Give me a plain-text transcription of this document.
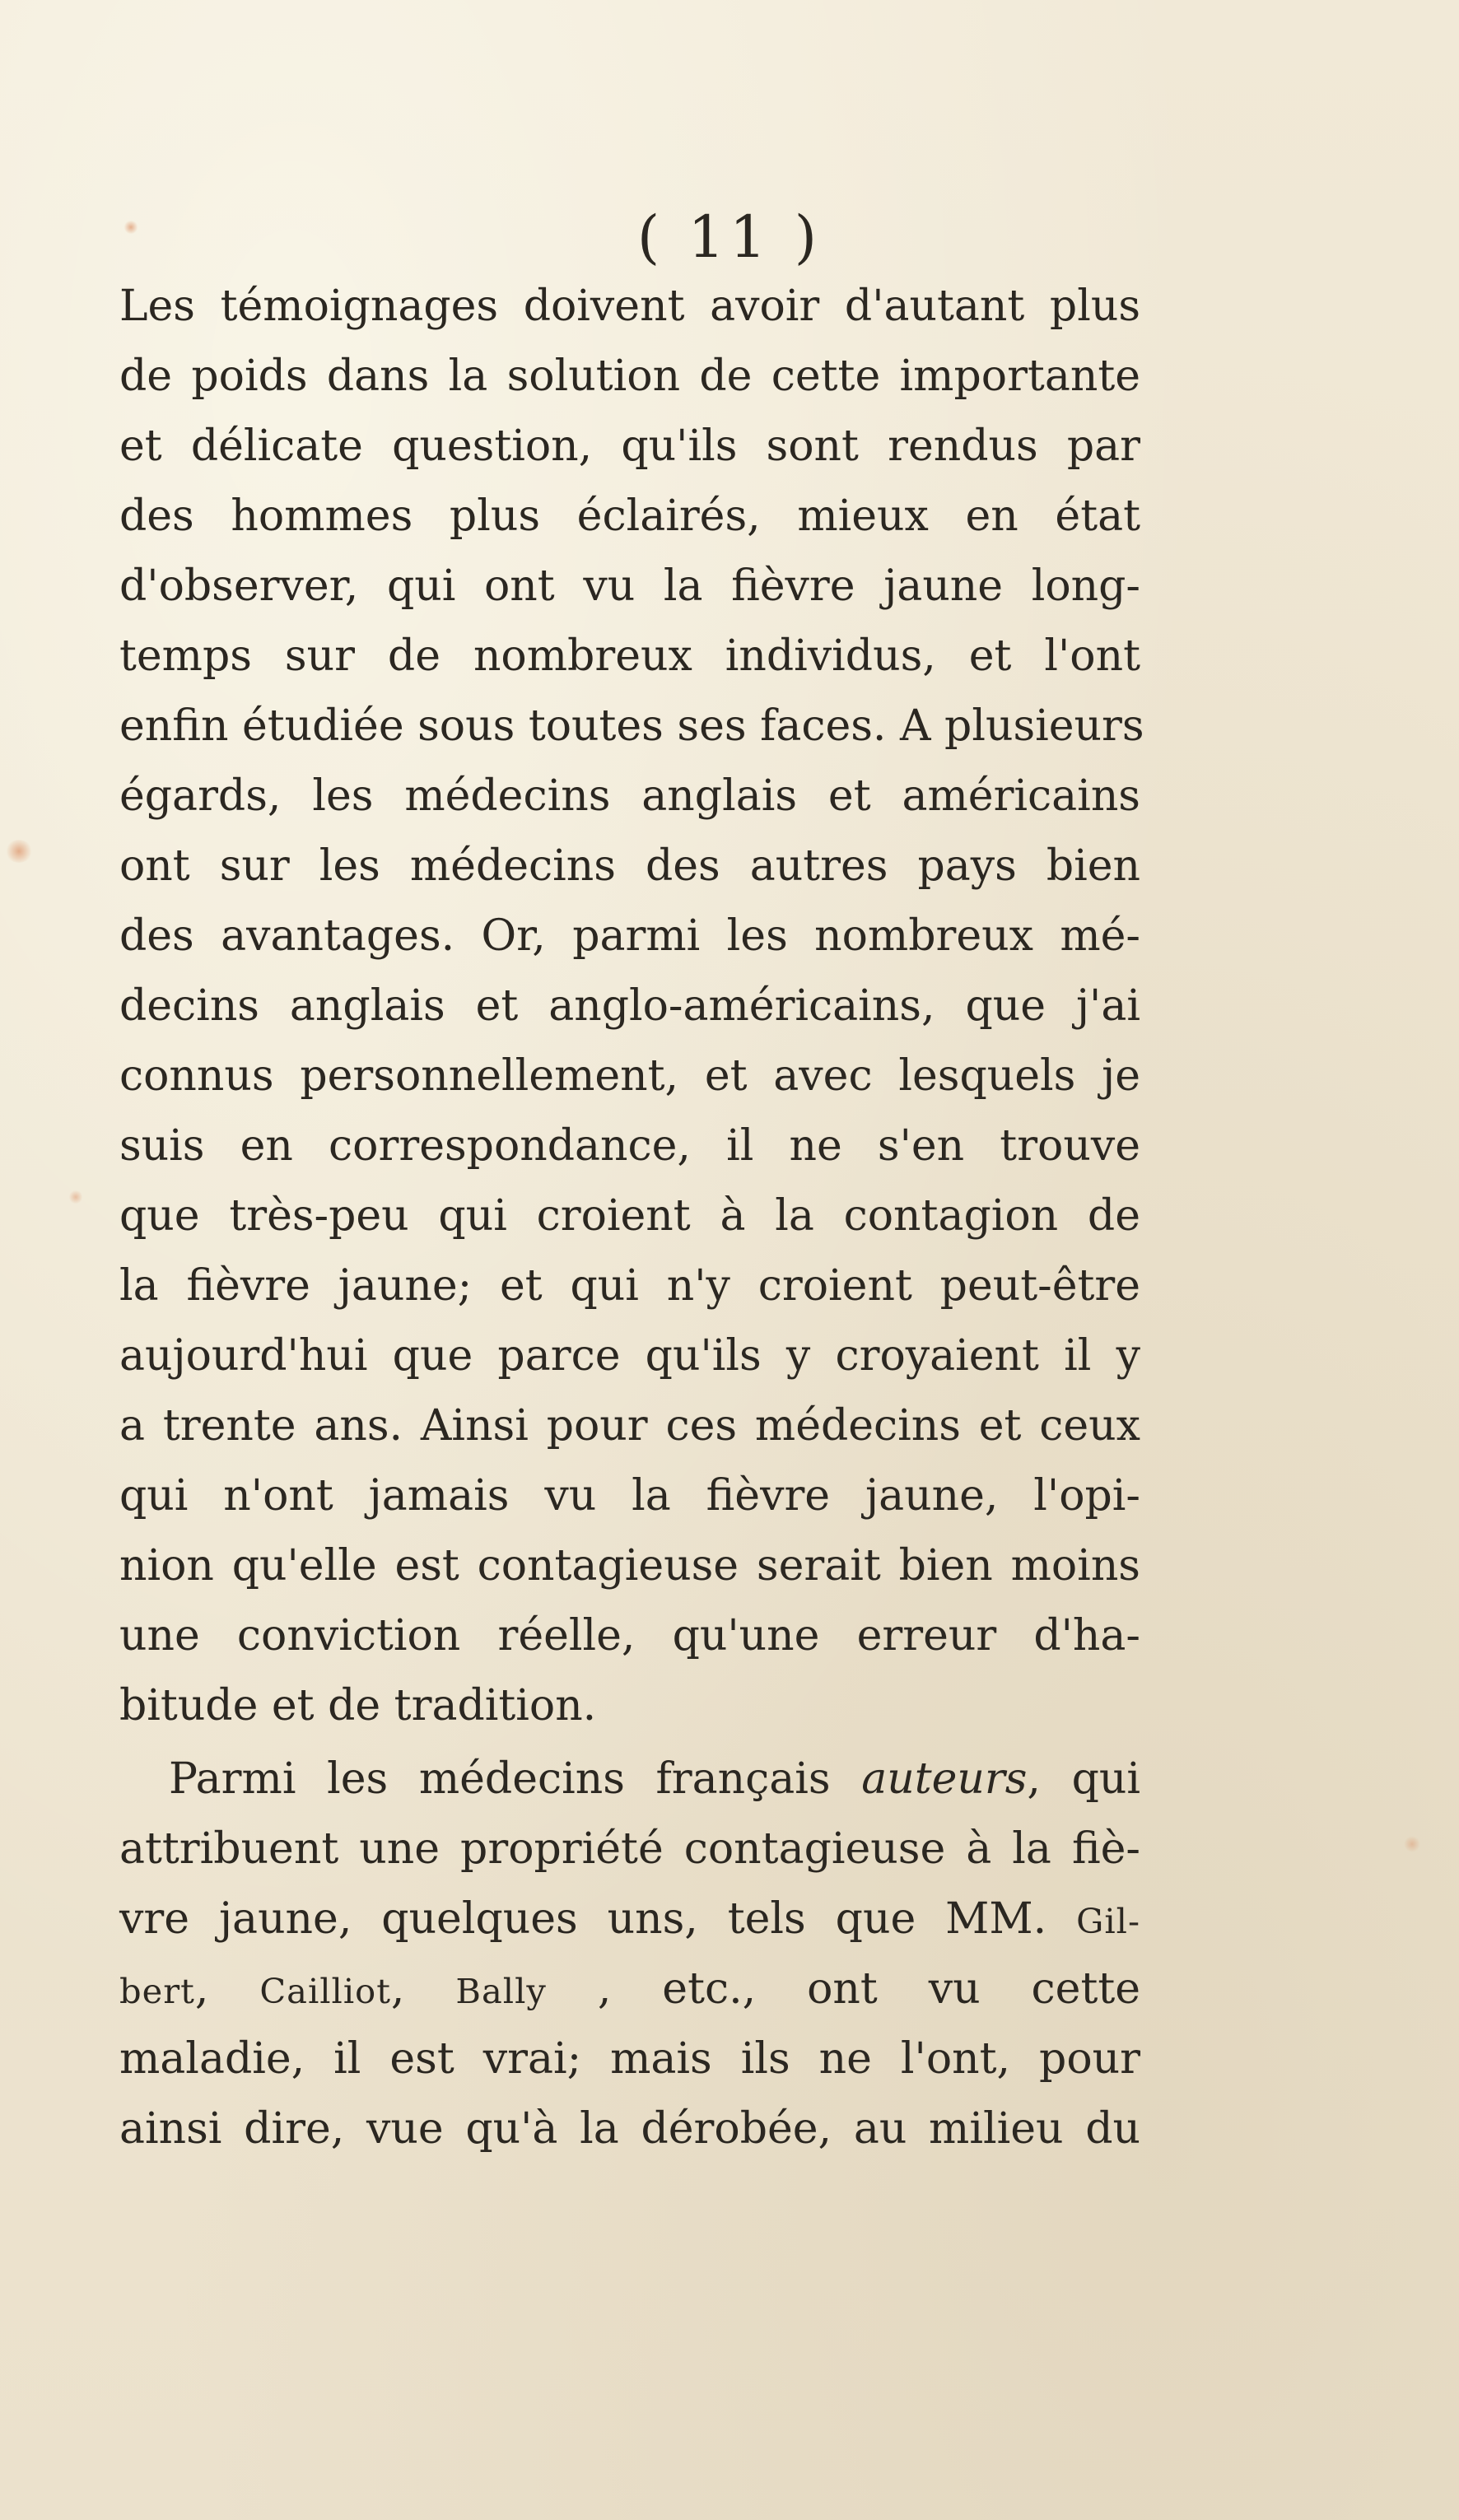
( 11 )
Les témoignages doivent avoir d'autant plus
de poids dans la solution de cette importante
et délicate question, qu'ils sont rendus par
des hommes plus éclairés, mieux en état
d'observer, qui ont vu la fièvre jaune long-
temps sur de nombreux individus, et l'ont
enfin étudiée sous toutes ses faces. A plusieurs
égards, les médecins anglais et américains
ont sur les médecins des autres pays bien
des avantages. Or, parmi les nombreux mé-
decins anglais et anglo-américains, que j'ai
connus personnellement, et avec lesquels je
suis en correspondance, il ne s'en trouve
que très-peu qui croient à la contagion de
la fièvre jaune; et qui n'y croient peut-être
aujourd'hui que parce qu'ils y croyaient il y
a trente ans. Ainsi pour ces médecins et ceux
qui n'ont jamais vu la fièvre jaune, l'opi-
nion qu'elle est contagieuse serait bien moins
une conviction réelle, qu'une erreur d'ha-
bitude et de tradition.
Parmi les médecins français auteurs, qui
attribuent une propriété contagieuse à la fiè-
vre jaune, quelques uns, tels que MM. Gil-
bert, Cailliot, Bally , etc., ont vu cette
maladie, il est vrai; mais ils ne l'ont, pour
ainsi dire, vue qu'à la dérobée, au milieu du
